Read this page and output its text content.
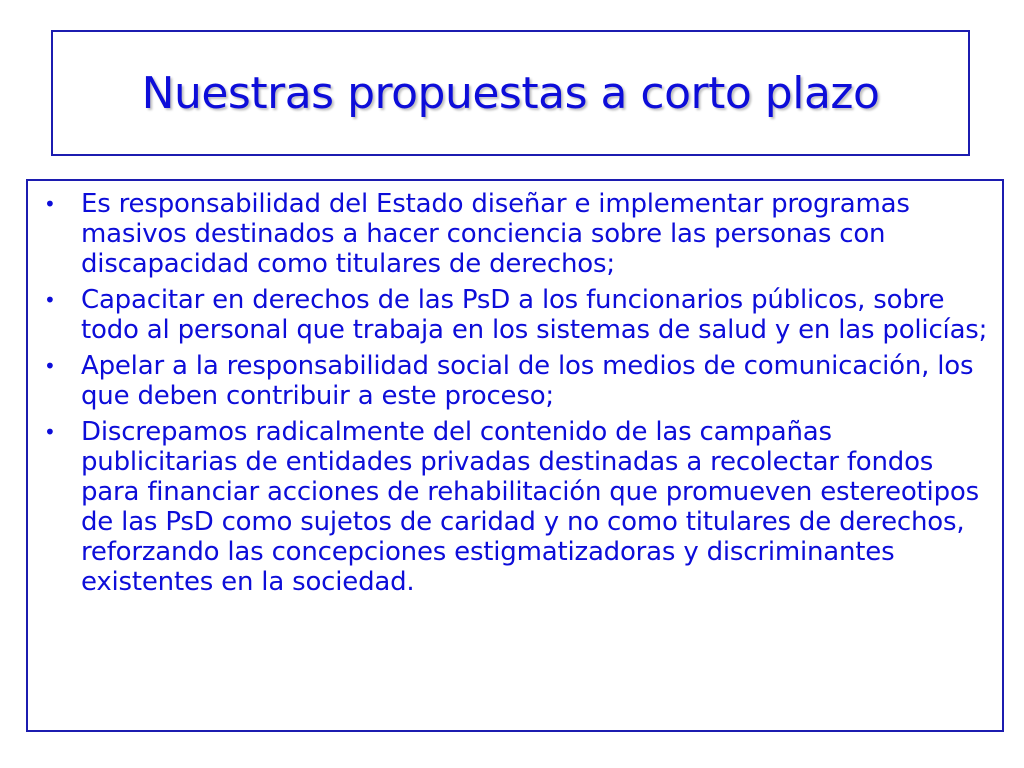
Nuestras propuestas a corto plazo
• Es responsabilidad del Estado diseñar e implementar programas masivos destinados a hacer conciencia sobre las personas con discapacidad como titulares de derechos;
• Capacitar en derechos de las PsD a los funcionarios públicos, sobre todo al personal que trabaja en los sistemas de salud y en las policías;
• Apelar a la responsabilidad social de los medios de comunicación, los que deben contribuir a este proceso;
• Discrepamos radicalmente del contenido de las campañas publicitarias de entidades privadas destinadas a recolectar fondos para financiar acciones de rehabilitación que promueven estereotipos de las PsD como sujetos de caridad y no como titulares de derechos, reforzando las concepciones estigmatizadoras y discriminantes existentes en la sociedad.
